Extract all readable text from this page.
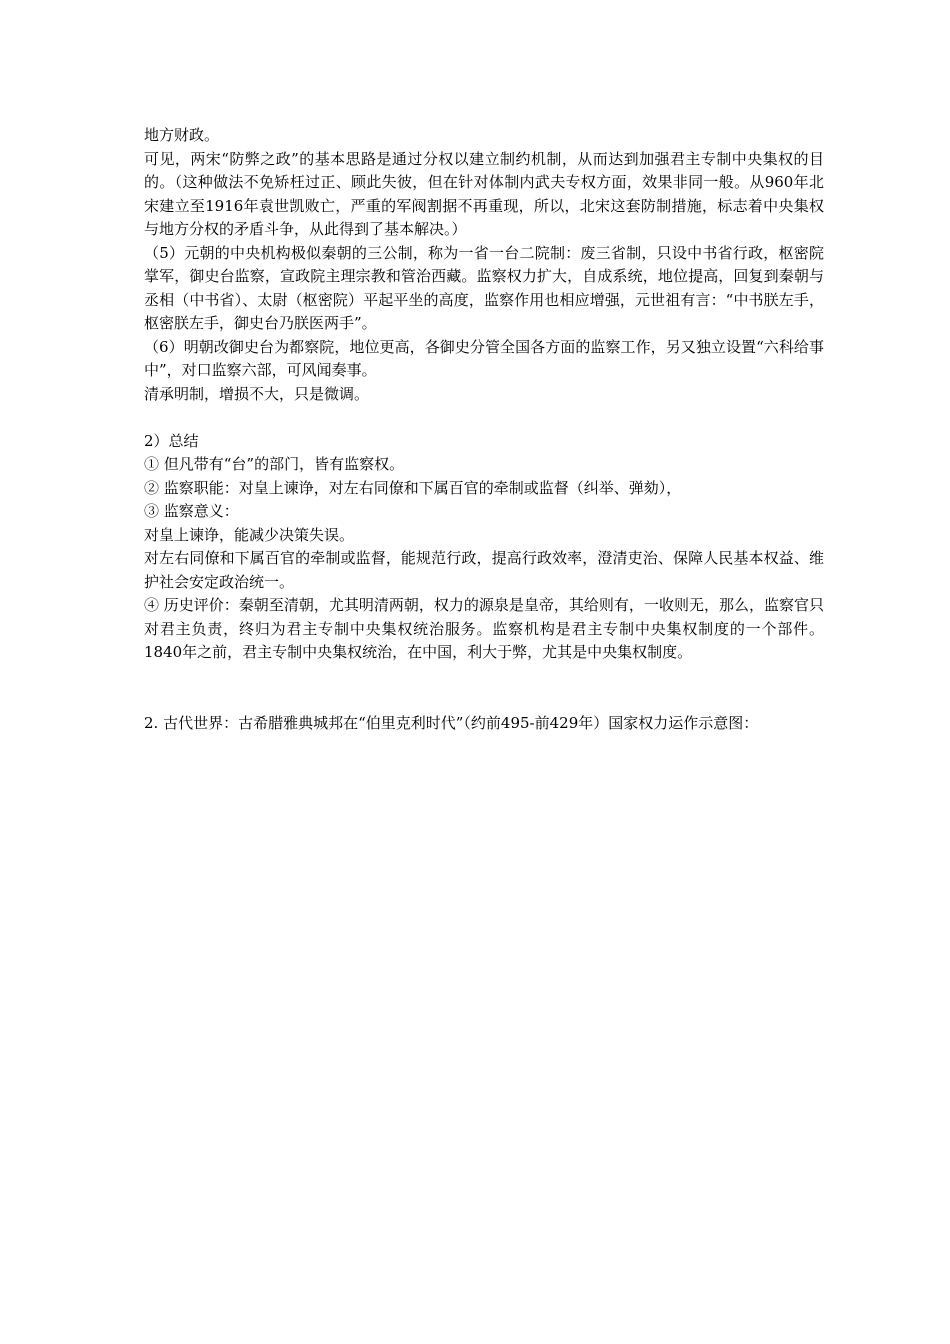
地方财政。

可见，两宋“防弊之政”的基本思路是通过分权以建立制约机制，从而达到加强君主专制中央集权的目的。（这种做法不免矫枉过正、顾此失彼，但在针对体制内武夫专权方面，效果非同一般。从960年北宋建立至1916年袁世凯败亡，严重的军阀割据不再重现，所以，北宋这套防制措施，标志着中央集权与地方分权的矛盾斗争，从此得到了基本解决。）

（5）元朝的中央机构极似秦朝的三公制，称为一省一台二院制：废三省制，只设中书省行政，枢密院掌军，御史台监察，宣政院主理宗教和管治西藏。监察权力扩大，自成系统，地位提高，回复到秦朝与丞相（中书省）、太尉（枢密院）平起平坐的高度，监察作用也相应增强，元世祖有言：“中书朕左手，枢密朕左手，御史台乃朕医两手”。

（6）明朝改御史台为都察院，地位更高，各御史分管全国各方面的监察工作，另又独立设置“六科给事中”，对口监察六部，可风闻奏事。

清承明制，增损不大，只是微调。

2）总结

① 但凡带有“台”的部门，皆有监察权。

② 监察职能：对皇上谏诤，对左右同僚和下属百官的牵制或监督（纠举、弹劾），

③ 监察意义：

对皇上谏诤，能减少决策失误。

对左右同僚和下属百官的牵制或监督，能规范行政，提高行政效率，澄清吏治、保障人民基本权益、维护社会安定政治统一。

④ 历史评价：秦朝至清朝，尤其明清两朝，权力的源泉是皇帝，其给则有，一收则无，那么，监察官只对君主负责，终归为君主专制中央集权统治服务。监察机构是君主专制中央集权制度的一个部件。1840年之前，君主专制中央集权统治，在中国，利大于弊，尤其是中央集权制度。

2. 古代世界：古希腊雅典城邦在“伯里克利时代”（约前495-前429年）国家权力运作示意图：
